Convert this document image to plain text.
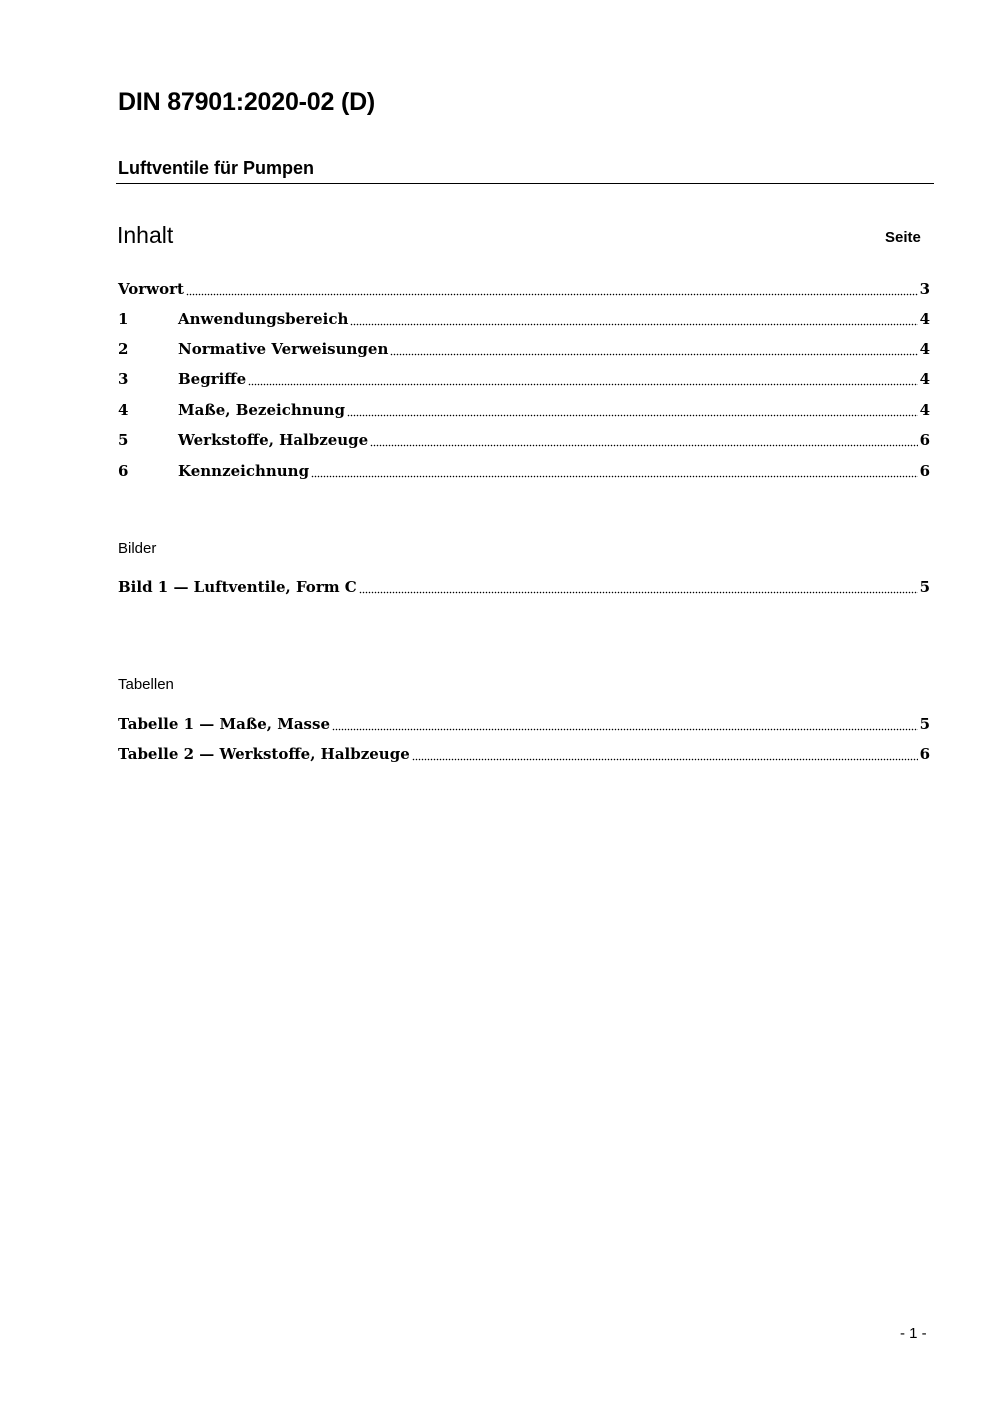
DIN 87901:2020-02 (D)
Luftventile für Pumpen
Inhalt	Seite
Vorwort	3
1	Anwendungsbereich	4
2	Normative Verweisungen	4
3	Begriffe	4
4	Maße, Bezeichnung	4
5	Werkstoffe, Halbzeuge	6
6	Kennzeichnung	6
Bilder
Bild 1 — Luftventile, Form C	5
Tabellen
Tabelle 1 — Maße, Masse	5
Tabelle 2 — Werkstoffe, Halbzeuge	6
- 1 -
